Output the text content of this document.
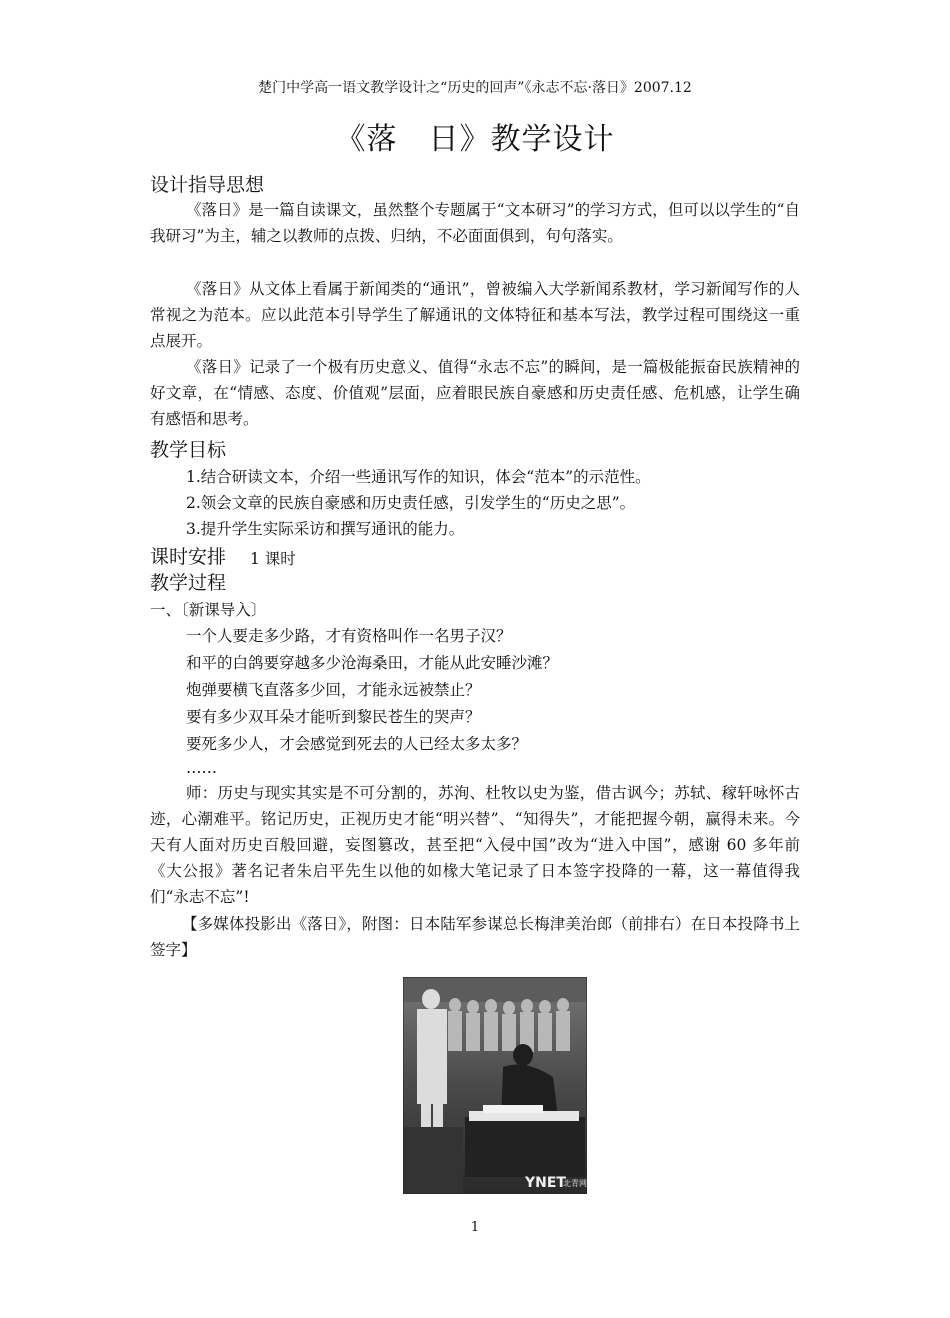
楚门中学高一语文教学设计之“历史的回声”《永志不忘·落日》2007.12
《落　日》教学设计
设计指导思想

《落日》是一篇自读课文，虽然整个专题属于“文本研习”的学习方式，但可以以学生的“自我研习”为主，辅之以教师的点拨、归纳，不必面面俱到，句句落实。

《落日》从文体上看属于新闻类的“通讯”，曾被编入大学新闻系教材，学习新闻写作的人常视之为范本。应以此范本引导学生了解通讯的文体特征和基本写法，教学过程可围绕这一重点展开。

《落日》记录了一个极有历史意义、值得“永志不忘”的瞬间，是一篇极能振奋民族精神的好文章，在“情感、态度、价值观”层面，应着眼民族自豪感和历史责任感、危机感，让学生确有感悟和思考。

教学目标
1.结合研读文本，介绍一些通讯写作的知识，体会“范本”的示范性。
2.领会文章的民族自豪感和历史责任感，引发学生的“历史之思”。
3.提升学生实际采访和撰写通讯的能力。
课时安排 1 课时
教学过程
一、〔新课导入〕
一个人要走多少路，才有资格叫作一名男子汉？
和平的白鸽要穿越多少沧海桑田，才能从此安睡沙滩？
炮弹要横飞直落多少回，才能永远被禁止？
要有多少双耳朵才能听到黎民苍生的哭声？
要死多少人，才会感觉到死去的人已经太多太多？
……

师：历史与现实其实是不可分割的，苏洵、杜牧以史为鉴，借古讽今；苏轼、稼轩咏怀古迹，心潮难平。铭记历史，正视历史才能“明兴替”、“知得失”，才能把握今朝，赢得未来。今天有人面对历史百般回避，妄图篡改，甚至把“入侵中国”改为“进入中国”，感谢 60 多年前《大公报》著名记者朱启平先生以他的如椽大笔记录了日本签字投降的一幕，这一幕值得我们“永志不忘”!

【多媒体投影出《落日》，附图：日本陆军参谋总长梅津美治郎（前排右）在日本投降书上签字】

YNET
北青网
1
